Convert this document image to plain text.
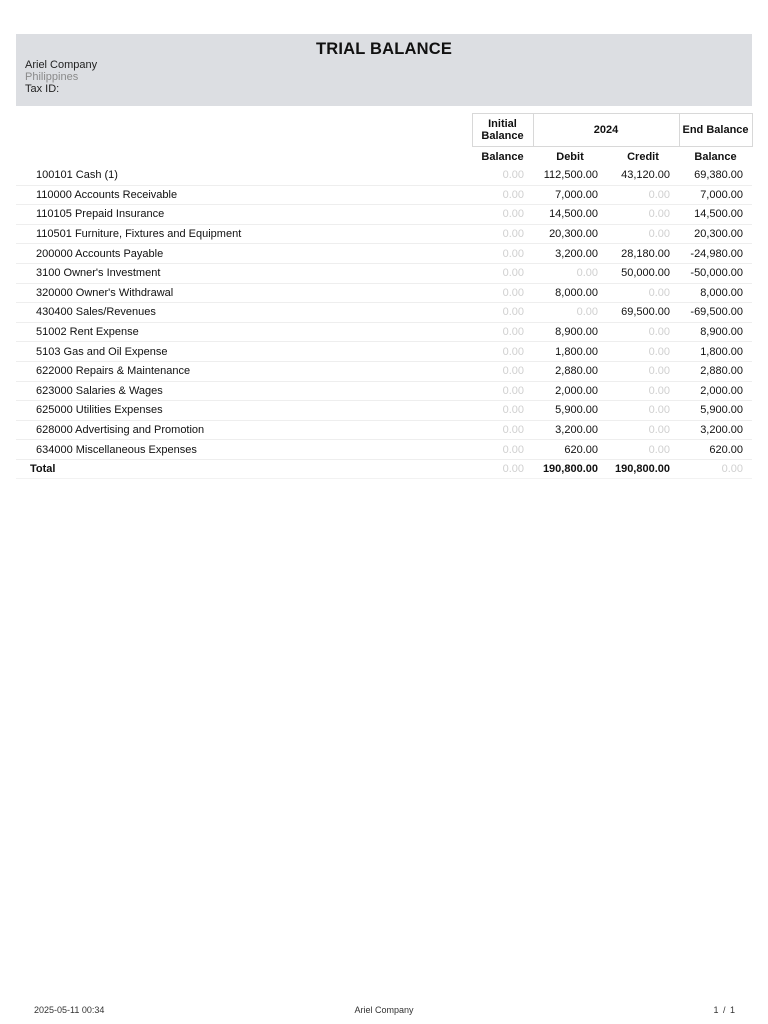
TRIAL BALANCE
Ariel Company
Philippines
Tax ID:
	Initial Balance	2024		End Balance
	Balance	Debit	Credit	Balance
100101 Cash (1)	0.00	112,500.00	43,120.00	69,380.00
110000 Accounts Receivable	0.00	7,000.00	0.00	7,000.00
110105 Prepaid Insurance	0.00	14,500.00	0.00	14,500.00
110501 Furniture, Fixtures and Equipment	0.00	20,300.00	0.00	20,300.00
200000 Accounts Payable	0.00	3,200.00	28,180.00	-24,980.00
3100 Owner's Investment	0.00	0.00	50,000.00	-50,000.00
320000 Owner's Withdrawal	0.00	8,000.00	0.00	8,000.00
430400 Sales/Revenues	0.00	0.00	69,500.00	-69,500.00
51002 Rent Expense	0.00	8,900.00	0.00	8,900.00
5103 Gas and Oil Expense	0.00	1,800.00	0.00	1,800.00
622000 Repairs & Maintenance	0.00	2,880.00	0.00	2,880.00
623000 Salaries & Wages	0.00	2,000.00	0.00	2,000.00
625000 Utilities Expenses	0.00	5,900.00	0.00	5,900.00
628000 Advertising and Promotion	0.00	3,200.00	0.00	3,200.00
634000 Miscellaneous Expenses	0.00	620.00	0.00	620.00
Total	0.00	190,800.00	190,800.00	0.00
2025-05-11 00:34	Ariel Company	1 / 1
